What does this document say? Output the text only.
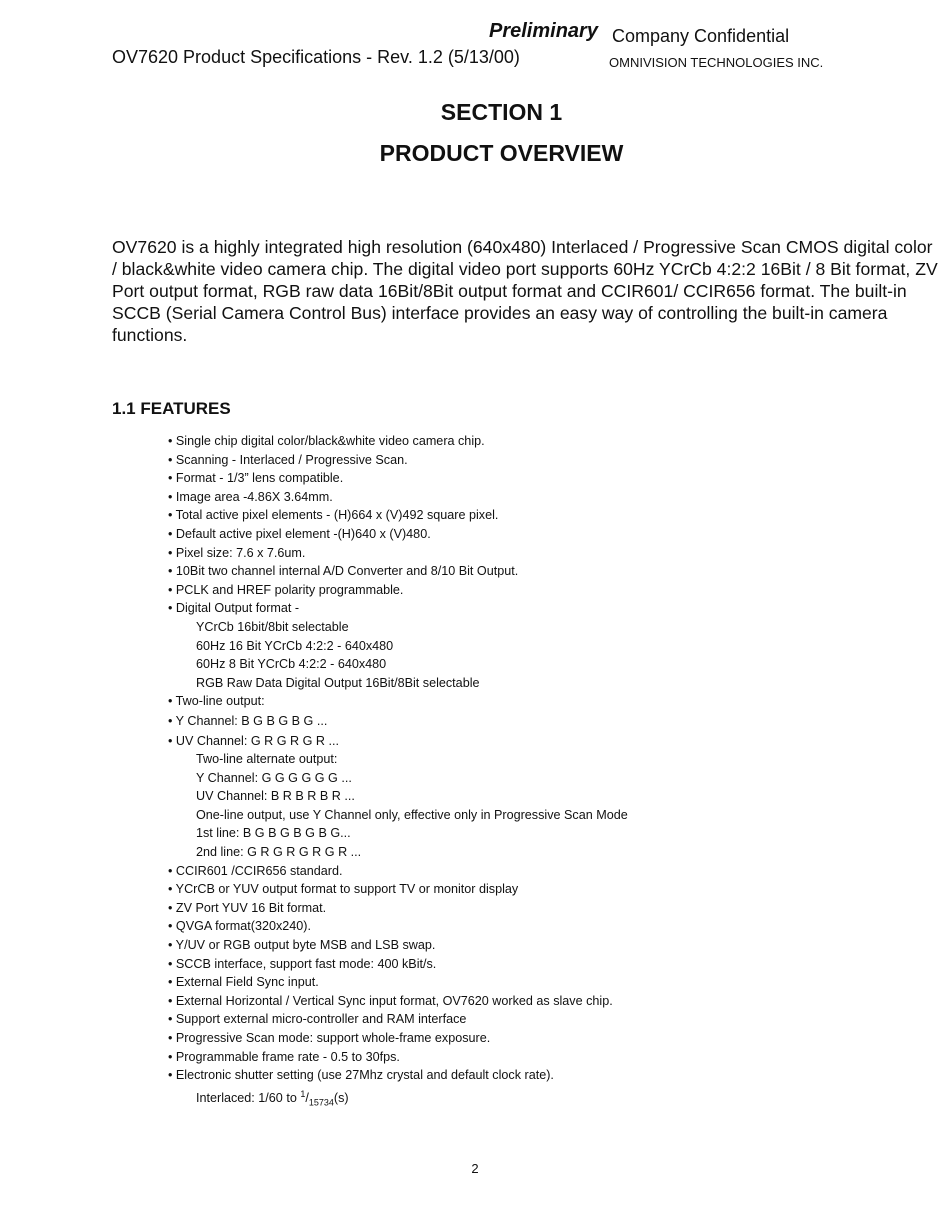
Preliminary Company Confidential
OV7620 Product Specifications - Rev. 1.2 (5/13/00)	OMNIVISION TECHNOLOGIES INC.
SECTION 1
PRODUCT OVERVIEW
OV7620 is a highly integrated high resolution (640x480) Interlaced / Progressive Scan CMOS digital color / black&white video camera chip. The digital video port supports 60Hz YCrCb 4:2:2 16Bit / 8 Bit format, ZV Port output format, RGB raw data 16Bit/8Bit output format and CCIR601/ CCIR656 format. The built-in SCCB (Serial Camera Control Bus) interface provides an easy way of controlling the built-in camera functions.
1.1 FEATURES
• Single chip digital color/black&white video camera chip.
• Scanning - Interlaced / Progressive Scan.
• Format - 1/3” lens compatible.
• Image area -4.86X 3.64mm.
• Total active pixel elements - (H)664 x (V)492 square pixel.
• Default active pixel element -(H)640 x (V)480.
• Pixel size: 7.6 x 7.6um.
• 10Bit two channel internal A/D Converter and 8/10 Bit Output.
• PCLK and HREF polarity programmable.
• Digital Output format -
YCrCb 16bit/8bit selectable
60Hz 16 Bit YCrCb 4:2:2 - 640x480
60Hz 8 Bit YCrCb 4:2:2 - 640x480
RGB Raw Data Digital Output 16Bit/8Bit selectable
• Two-line output:
• Y Channel: B G B G B G ...
• UV Channel: G R G R G R ...
Two-line alternate output:
Y Channel: G G G G G G ...
UV Channel: B R B R B R ...
One-line output, use Y Channel only, effective only in Progressive Scan Mode
1st line: B G B G B G B G...
2nd line: G R G R G R G R ...
• CCIR601 /CCIR656 standard.
• YCrCB or YUV output format to support TV or monitor display
• ZV Port YUV 16 Bit format.
• QVGA format(320x240).
• Y/UV or RGB output byte MSB and LSB swap.
• SCCB interface, support fast mode: 400 kBit/s.
• External Field Sync input.
• External Horizontal / Vertical Sync input format, OV7620 worked as slave chip.
• Support external micro-controller and RAM interface
• Progressive Scan mode: support whole-frame exposure.
• Programmable frame rate - 0.5 to 30fps.
• Electronic shutter setting (use 27Mhz crystal and default clock rate).
Interlaced: 1/60 to $^1/_{15734}(s)$
2
